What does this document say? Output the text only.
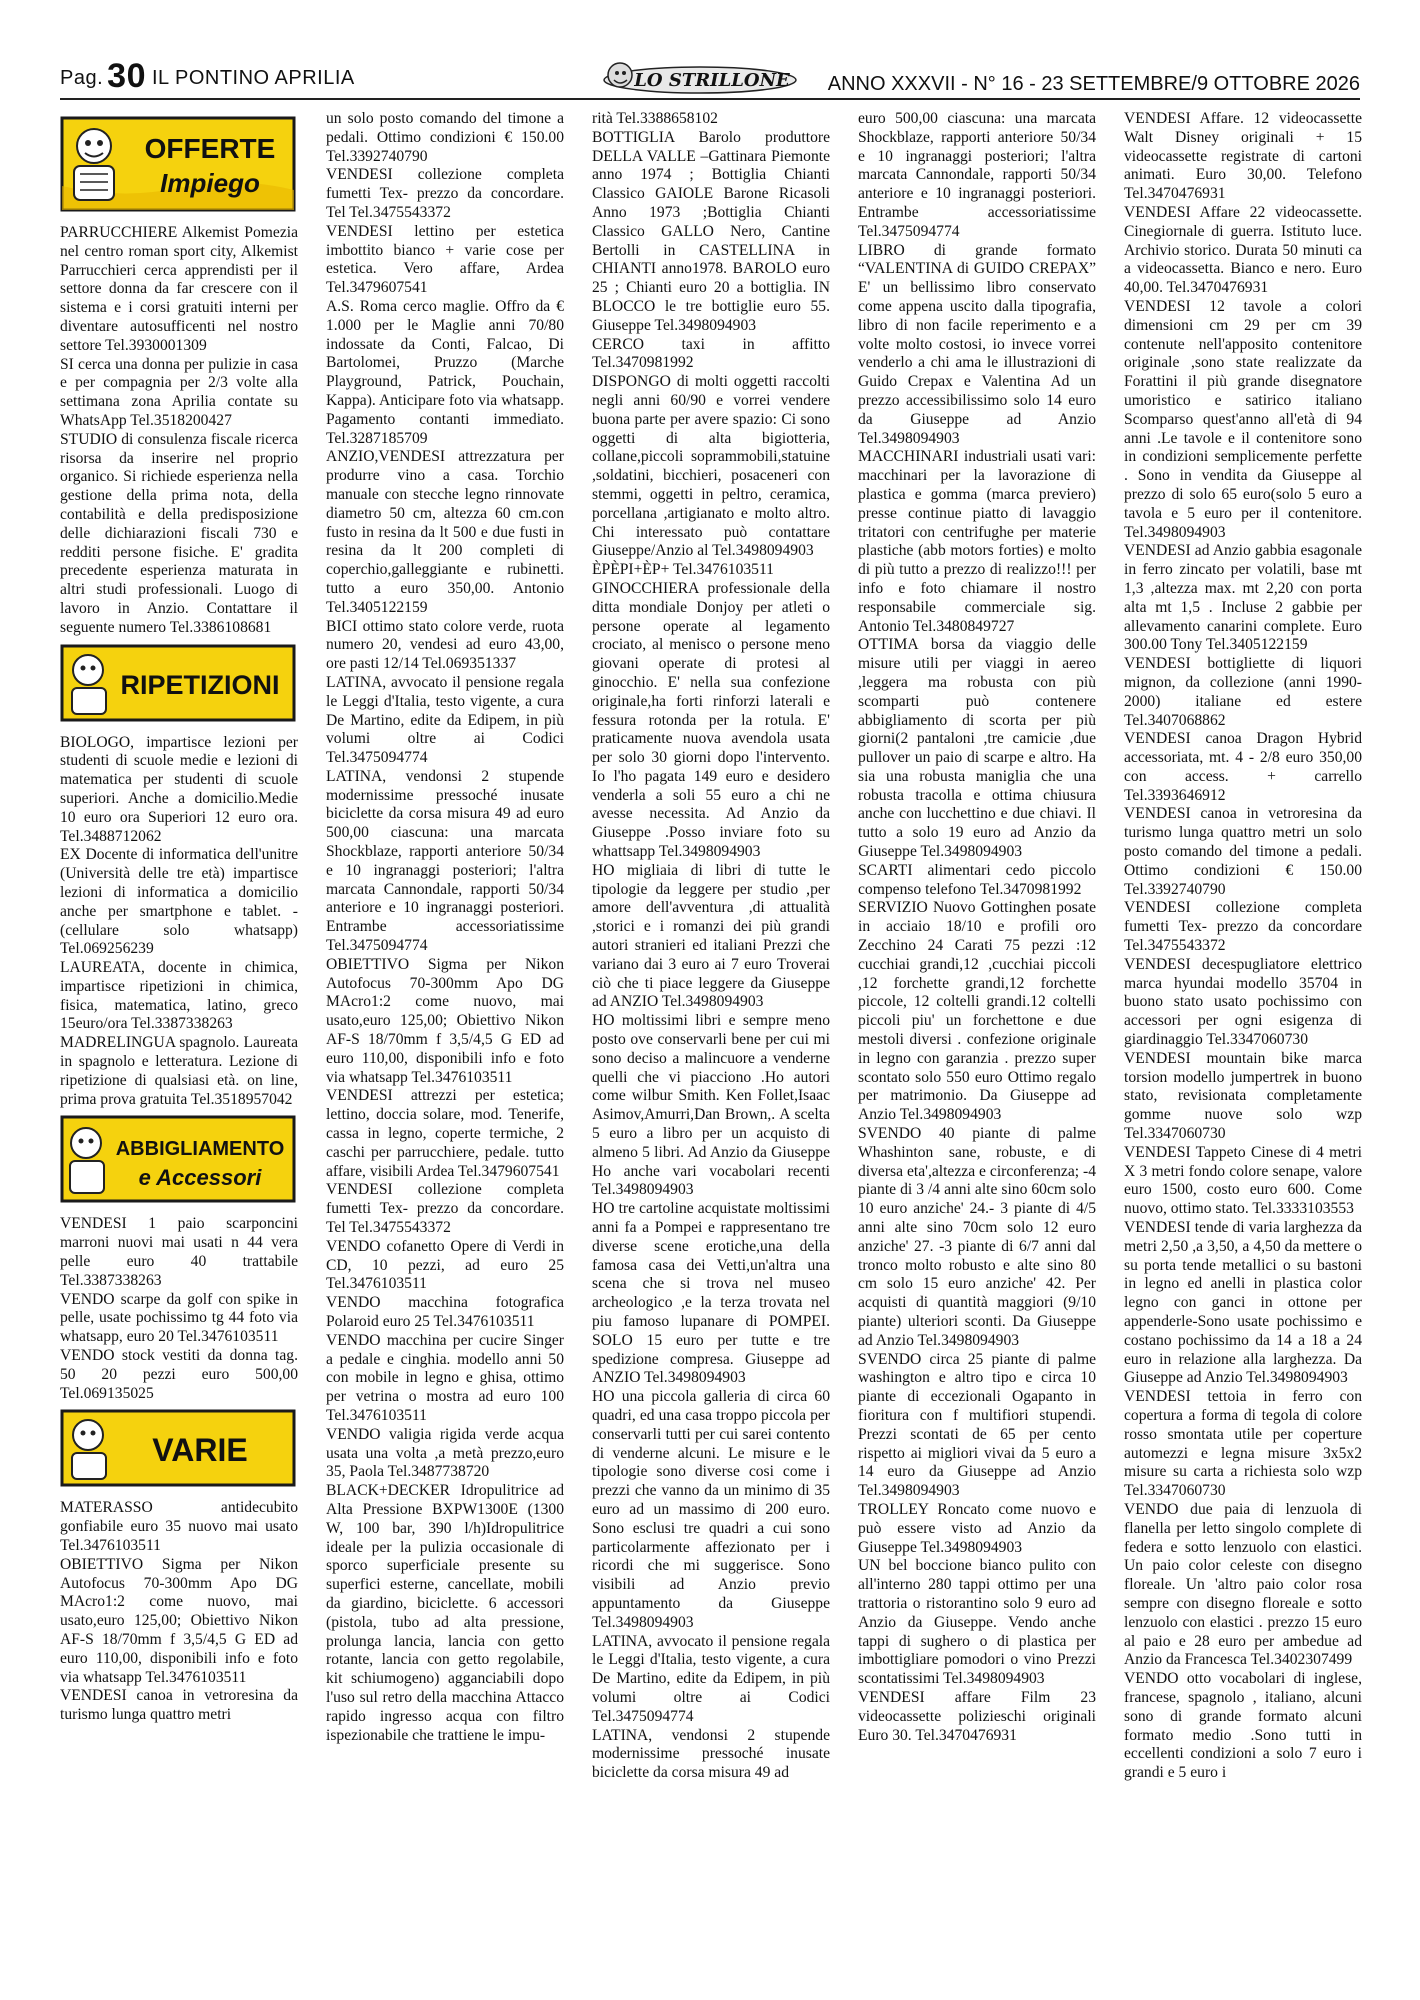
Pag. 30 IL PONTINO APRILIA	LO STRILLONE ANNO XXXVII - N° 16 - 23 SETTEMBRE/9 OTTOBRE 2026
OFFERTE
Impiego

PARRUCCHIERE Alkemist Pomezia nel centro roman sport city, Alkemist Parrucchieri cerca apprendisti per il settore donna da far crescere con il sistema e i corsi gratuiti interni per diventare autosufficenti nel nostro settore Tel.3930001309

SI cerca una donna per pulizie in casa e per compagnia per 2/3 volte alla settimana zona Aprilia contate su WhatsApp Tel.3518200427

STUDIO di consulenza fiscale ricerca risorsa da inserire nel proprio organico. Si richiede esperienza nella gestione della prima nota, della contabilità e della predisposizione delle dichiarazioni fiscali 730 e redditi persone fisiche. E' gradita precedente esperienza maturata in altri studi professionali. Luogo di lavoro in Anzio. Contattare il seguente numero Tel.3386108681

RIPETIZIONI

BIOLOGO, impartisce lezioni per studenti di scuole medie e lezioni di matematica per studenti di scuole superiori. Anche a domicilio.Medie 10 euro ora Superiori 12 euro ora. Tel.3488712062

EX Docente di informatica dell'unitre (Università delle tre età) impartisce lezioni di informatica a domicilio anche per smartphone e tablet. - (cellulare solo whatsapp) Tel.069256239

LAUREATA, docente in chimica, impartisce ripetizioni in chimica, fisica, matematica, latino, greco 15euro/ora Tel.3387338263

MADRELINGUA spagnolo. Laureata in spagnolo e letteratura. Lezione di ripetizione di qualsiasi età. on line, prima prova gratuita Tel.3518957042

ABBIGLIAMENTO
e Accessori

VENDESI 1 paio scarponcini marroni nuovi mai usati n 44 vera pelle euro 40 trattabile Tel.3387338263

VENDO scarpe da golf con spike in pelle, usate pochissimo tg 44 foto via whatsapp, euro 20 Tel.3476103511

VENDO stock vestiti da donna tag. 50 20 pezzi euro 500,00 Tel.069135025

VARIE

MATERASSO antidecubito gonfiabile euro 35 nuovo mai usato Tel.3476103511

OBIETTIVO Sigma per Nikon Autofocus 70-300mm Apo DG MAcro1:2 come nuovo, mai usato,euro 125,00; Obiettivo Nikon AF-S 18/70mm f 3,5/4,5 G ED ad euro 110,00, disponibili info e foto via whatsapp Tel.3476103511

VENDESI canoa in vetroresina da turismo lunga quattro metri

un solo posto comando del timone a pedali. Ottimo condizioni € 150.00 Tel.3392740790

VENDESI collezione completa fumetti Tex- prezzo da concordare. Tel Tel.3475543372

VENDESI lettino per estetica imbottito bianco + varie cose per estetica. Vero affare, Ardea Tel.3479607541

A.S. Roma cerco maglie. Offro da € 1.000 per le Maglie anni 70/80 indossate da Conti, Falcao, Di Bartolomei, Pruzzo (Marche Playground, Patrick, Pouchain, Kappa). Anticipare foto via whatsapp. Pagamento contanti immediato. Tel.3287185709

ANZIO,VENDESI attrezzatura per produrre vino a casa. Torchio manuale con stecche legno rinnovate diametro 50 cm, altezza 60 cm.con fusto in resina da lt 500 e due fusti in resina da lt 200 completi di coperchio,galleggiante e rubinetti. tutto a euro 350,00. Antonio Tel.3405122159

BICI ottimo stato colore verde, ruota numero 20, vendesi ad euro 43,00, ore pasti 12/14 Tel.069351337

LATINA, avvocato il pensione regala le Leggi d'Italia, testo vigente, a cura De Martino, edite da Edipem, in più volumi oltre ai Codici Tel.3475094774

LATINA, vendonsi 2 stupende modernissime pressoché inusate biciclette da corsa misura 49 ad euro 500,00 ciascuna: una marcata Shockblaze, rapporti anteriore 50/34 e 10 ingranaggi posteriori; l'altra marcata Cannondale, rapporti 50/34 anteriore e 10 ingranaggi posteriori. Entrambe accessoriatissime Tel.3475094774

OBIETTIVO Sigma per Nikon Autofocus 70-300mm Apo DG MAcro1:2 come nuovo, mai usato,euro 125,00; Obiettivo Nikon AF-S 18/70mm f 3,5/4,5 G ED ad euro 110,00, disponibili info e foto via whatsapp Tel.3476103511

VENDESI attrezzi per estetica; lettino, doccia solare, mod. Tenerife, cassa in legno, coperte termiche, 2 caschi per parrucchiere, pedale. tutto affare, visibili Ardea Tel.3479607541

VENDESI collezione completa fumetti Tex- prezzo da concordare. Tel Tel.3475543372

VENDO cofanetto Opere di Verdi in CD, 10 pezzi, ad euro 25 Tel.3476103511

VENDO macchina fotografica Polaroid euro 25 Tel.3476103511

VENDO macchina per cucire Singer a pedale e cinghia. modello anni 50 con mobile in legno e ghisa, ottimo per vetrina o mostra ad euro 100 Tel.3476103511

VENDO valigia rigida verde acqua usata una volta ,a metà prezzo,euro 35, Paola Tel.3487738720

BLACK+DECKER Idropulitrice ad Alta Pressione BXPW1300E (1300 W, 100 bar, 390 l/h)Idropulitrice ideale per la pulizia occasionale di sporco superficiale presente su superfici esterne, cancellate, mobili da giardino, biciclette. 6 accessori (pistola, tubo ad alta pressione, prolunga lancia, lancia con getto rotante, lancia con getto regolabile, kit schiumogeno) agganciabili dopo l'uso sul retro della macchina Attacco rapido ingresso acqua con filtro ispezionabile che trattiene le impu-

rità Tel.3388658102

BOTTIGLIA Barolo produttore DELLA VALLE –Gattinara Piemonte anno 1974 ; Bottiglia Chianti Classico GAIOLE Barone Ricasoli Anno 1973 ;Bottiglia Chianti Classico GALLO Nero, Cantine Bertolli in CASTELLINA in CHIANTI anno1978. BAROLO euro 25 ; Chianti euro 20 a bottiglia. IN BLOCCO le tre bottiglie euro 55. Giuseppe Tel.3498094903

CERCO taxi in affitto Tel.3470981992

DISPONGO di molti oggetti raccolti negli anni 60/90 e vorrei vendere buona parte per avere spazio: Ci sono oggetti di alta bigiotteria, collane,piccoli soprammobili,statuine ,soldatini, bicchieri, posaceneri con stemmi, oggetti in peltro, ceramica, porcellana ,artigianato e molto altro. Chi interessato può contattare Giuseppe/Anzio al Tel.3498094903

ÈPÈPI+ÈP+ Tel.3476103511

GINOCCHIERA professionale della ditta mondiale Donjoy per atleti o persone operate al legamento crociato, al menisco o persone meno giovani operate di protesi al ginocchio. E' nella sua confezione originale,ha forti rinforzi laterali e fessura rotonda per la rotula. E' praticamente nuova avendola usata per solo 30 giorni dopo l'intervento. Io l'ho pagata 149 euro e desidero venderla a soli 55 euro a chi ne avesse necessita. Ad Anzio da Giuseppe .Posso inviare foto su whattsapp Tel.3498094903

HO migliaia di libri di tutte le tipologie da leggere per studio ,per amore dell'avventura ,di attualità ,storici e i romanzi dei più grandi autori stranieri ed italiani Prezzi che variano dai 3 euro ai 7 euro Troverai ciò che ti piace leggere da Giuseppe ad ANZIO Tel.3498094903

HO moltissimi libri e sempre meno posto ove conservarli bene per cui mi sono deciso a malincuore a venderne quelli che vi piacciono .Ho autori come wilbur Smith. Ken Follet,Isaac Asimov,Amurri,Dan Brown,. A scelta 5 euro a libro per un acquisto di almeno 5 libri. Ad Anzio da Giuseppe Ho anche vari vocabolari recenti Tel.3498094903

HO tre cartoline acquistate moltissimi anni fa a Pompei e rappresentano tre diverse scene erotiche,una della famosa casa dei Vetti,un'altra una scena che si trova nel museo archeologico ,e la terza trovata nel piu famoso lupanare di POMPEI. SOLO 15 euro per tutte e tre spedizione compresa. Giuseppe ad ANZIO Tel.3498094903

HO una piccola galleria di circa 60 quadri, ed una casa troppo piccola per conservarli tutti per cui sarei contento di venderne alcuni. Le misure e le tipologie sono diverse cosi come i prezzi che vanno da un minimo di 35 euro ad un massimo di 200 euro. Sono esclusi tre quadri a cui sono particolarmente affezionato per i ricordi che mi suggerisce. Sono visibili ad Anzio previo appuntamento da Giuseppe Tel.3498094903

LATINA, avvocato il pensione regala le Leggi d'Italia, testo vigente, a cura De Martino, edite da Edipem, in più volumi oltre ai Codici Tel.3475094774

LATINA, vendonsi 2 stupende modernissime pressoché inusate biciclette da corsa misura 49 ad

euro 500,00 ciascuna: una marcata Shockblaze, rapporti anteriore 50/34 e 10 ingranaggi posteriori; l'altra marcata Cannondale, rapporti 50/34 anteriore e 10 ingranaggi posteriori. Entrambe accessoriatissime Tel.3475094774

LIBRO di grande formato “VALENTINA di GUIDO CREPAX” E' un bellissimo libro conservato come appena uscito dalla tipografia, libro di non facile reperimento e a volte molto costosi, io invece vorrei venderlo a chi ama le illustrazioni di Guido Crepax e Valentina Ad un prezzo accessibilissimo solo 14 euro da Giuseppe ad Anzio Tel.3498094903

MACCHINARI industriali usati vari: macchinari per la lavorazione di plastica e gomma (marca previero) presse continue piatto di lavaggio tritatori con centrifughe per materie plastiche (abb motors forties) e molto di più tutto a prezzo di realizzo!!! per info e foto chiamare il nostro responsabile commerciale sig. Antonio Tel.3480849727

OTTIMA borsa da viaggio delle misure utili per viaggi in aereo ,leggera ma robusta con più scomparti può contenere abbigliamento di scorta per più giorni(2 pantaloni ,tre camicie ,due pullover un paio di scarpe e altro. Ha sia una robusta maniglia che una robusta tracolla e ottima chiusura anche con lucchettino e due chiavi. Il tutto a solo 19 euro ad Anzio da Giuseppe Tel.3498094903

SCARTI alimentari cedo piccolo compenso telefono Tel.3470981992

SERVIZIO Nuovo Gottinghen posate in acciaio 18/10 e profili oro Zecchino 24 Carati 75 pezzi :12 cucchiai grandi,12 ,cucchiai piccoli ,12 forchette grandi,12 forchette piccole, 12 coltelli grandi.12 coltelli piccoli piu' un forchettone e due mestoli diversi . confezione originale in legno con garanzia . prezzo super scontato solo 550 euro Ottimo regalo per matrimonio. Da Giuseppe ad Anzio Tel.3498094903

SVENDO 40 piante di palme Whashinton sane, robuste, e di diversa eta',altezza e circonferenza; -4 piante di 3 /4 anni alte sino 60cm solo 10 euro anziche' 24.- 3 piante di 4/5 anni alte sino 70cm solo 12 euro anziche' 27. -3 piante di 6/7 anni dal tronco molto robusto e alte sino 80 cm solo 15 euro anziche' 42. Per acquisti di quantità maggiori (9/10 piante) ulteriori sconti. Da Giuseppe ad Anzio Tel.3498094903

SVENDO circa 25 piante di palme washington e altro tipo e circa 10 piante di eccezionali Ogapanto in fioritura con f multifiori stupendi. Prezzi scontati de 65 per cento rispetto ai migliori vivai da 5 euro a 14 euro da Giuseppe ad Anzio Tel.3498094903

TROLLEY Roncato come nuovo e può essere visto ad Anzio da Giuseppe Tel.3498094903

UN bel boccione bianco pulito con all'interno 280 tappi ottimo per una trattoria o ristorantino solo 9 euro ad Anzio da Giuseppe. Vendo anche tappi di sughero o di plastica per imbottigliare pomodori o vino Prezzi scontatissimi Tel.3498094903

VENDESI affare Film 23 videocassette polizieschi originali Euro 30. Tel.3470476931

VENDESI Affare. 12 videocassette Walt Disney originali + 15 videocassette registrate di cartoni animati. Euro 30,00. Telefono Tel.3470476931

VENDESI Affare 22 videocassette. Cinegiornale di guerra. Istituto luce. Archivio storico. Durata 50 minuti ca a videocassetta. Bianco e nero. Euro 40,00. Tel.3470476931

VENDESI 12 tavole a colori dimensioni cm 29 per cm 39 contenute nell'apposito contenitore originale ,sono state realizzate da Forattini il più grande disegnatore umoristico e satirico italiano Scomparso quest'anno all'età di 94 anni .Le tavole e il contenitore sono in condizioni semplicemente perfette . Sono in vendita da Giuseppe al prezzo di solo 65 euro(solo 5 euro a tavola e 5 euro per il contenitore. Tel.3498094903

VENDESI ad Anzio gabbia esagonale in ferro zincato per volatili, base mt 1,3 ,altezza max. mt 2,20 con porta alta mt 1,5 . Incluse 2 gabbie per allevamento canarini complete. Euro 300.00 Tony Tel.3405122159

VENDESI bottigliette di liquori mignon, da collezione (anni 1990-2000) italiane ed estere Tel.3407068862

VENDESI canoa Dragon Hybrid accessoriata, mt. 4 - 2/8 euro 350,00 con access. + carrello Tel.3393646912

VENDESI canoa in vetroresina da turismo lunga quattro metri un solo posto comando del timone a pedali. Ottimo condizioni € 150.00 Tel.3392740790

VENDESI collezione completa fumetti Tex- prezzo da concordare Tel.3475543372

VENDESI decespugliatore elettrico marca hyundai modello 35704 in buono stato usato pochissimo con accessori per ogni esigenza di giardinaggio Tel.3347060730

VENDESI mountain bike marca torsion modello jumpertrek in buono stato, revisionata completamente gomme nuove solo wzp Tel.3347060730

VENDESI Tappeto Cinese di 4 metri X 3 metri fondo colore senape, valore euro 1500, costo euro 600. Come nuovo, ottimo stato. Tel.3333103553

VENDESI tende di varia larghezza da metri 2,50 ,a 3,50, a 4,50 da mettere o su porta tende metallici o su bastoni in legno ed anelli in plastica color legno con ganci in ottone per appenderle-Sono usate pochissimo e costano pochissimo da 14 a 18 a 24 euro in relazione alla larghezza. Da Giuseppe ad Anzio Tel.3498094903

VENDESI tettoia in ferro con copertura a forma di tegola di colore rosso smontata utile per coperture automezzi e legna misure 3x5x2 misure su carta a richiesta solo wzp Tel.3347060730

VENDO due paia di lenzuola di flanella per letto singolo complete di federa e sotto lenzuolo con elastici. Un paio color celeste con disegno floreale. Un 'altro paio color rosa sempre con disegno floreale e sotto lenzuolo con elastici . prezzo 15 euro al paio e 28 euro per ambedue ad Anzio da Francesca Tel.3402307499

VENDO otto vocabolari di inglese, francese, spagnolo , italiano, alcuni sono di grande formato alcuni formato medio .Sono tutti in eccellenti condizioni a solo 7 euro i grandi e 5 euro i
